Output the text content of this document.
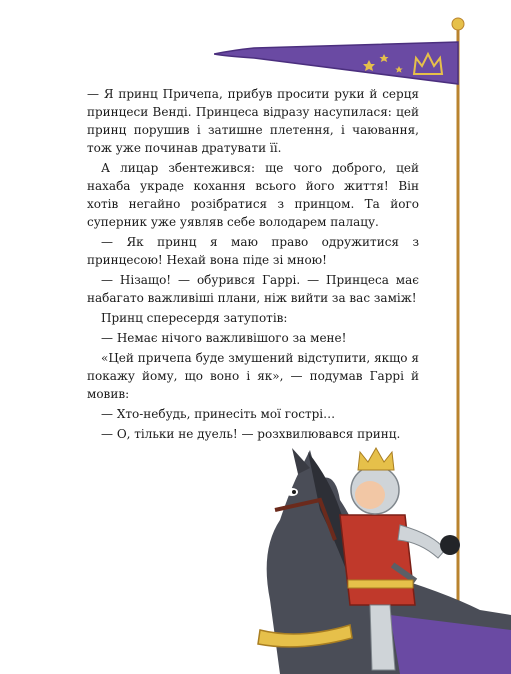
— Я принц Причепа, прибув просити руки й серця принцеси Венді. Принцеса відразу насупилася: цей принц порушив і затишне плетення, і чаювання, тож уже починав дратувати її.

А лицар збентежився: ще чого доброго, цей нахаба украде кохання всього його життя! Він хотів негайно розібратися з принцом. Та його суперник уже уявляв себе володарем палацу.

— Як принц я маю право одружитися з принцесою! Нехай вона піде зі мною!

— Нізащо! — обурився Гаррі. — Принцеса має набагато важливіші плани, ніж вийти за вас заміж!

Принц спересердя затупотів:

— Немає нічого важливішого за мене!

«Цей причепа буде змушений відступити, якщо я покажу йому, що воно і як», — подумав Гаррі й мовив:

— Хто-небудь, принесіть мої гострі…

— О, тільки не дуель! — розхвилювався принц.
